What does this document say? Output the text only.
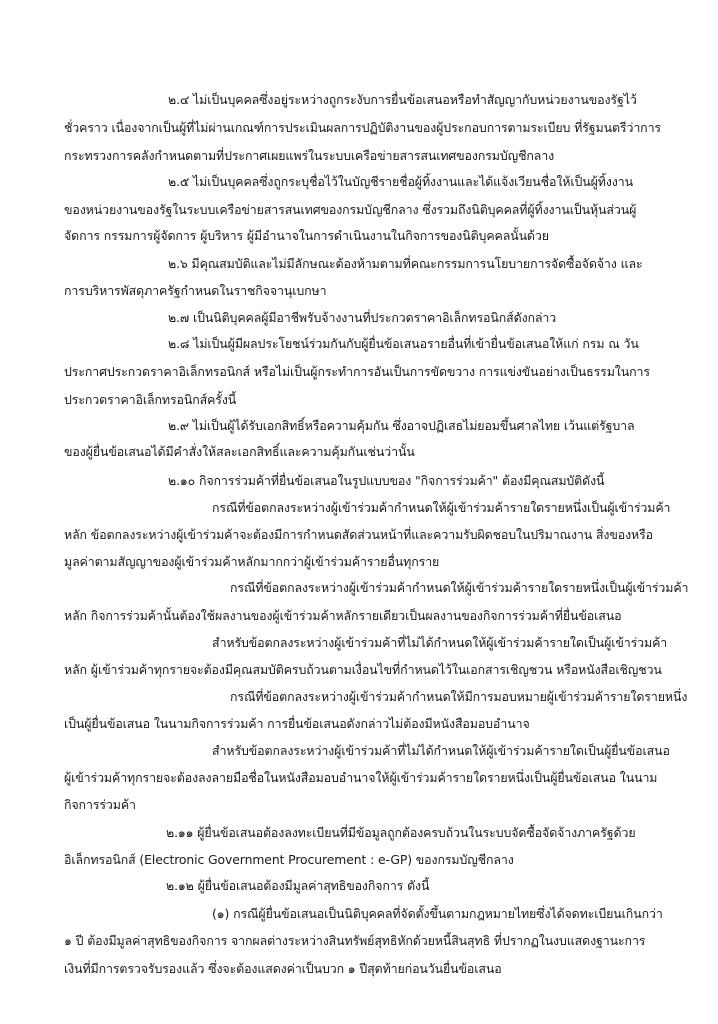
๒.๔ ไม่เป็นบุคคลซึ่งอยู่ระหว่างถูกระงับการยื่นข้อเสนอหรือทำสัญญากับหน่วยงานของรัฐไว้

ชั่วคราว เนื่องจากเป็นผู้ที่ไม่ผ่านเกณฑ์การประเมินผลการปฏิบัติงานของผู้ประกอบการตามระเบียบ ที่รัฐมนตรีว่าการ

กระทรวงการคลังกำหนดตามที่ประกาศเผยแพร่ในระบบเครือข่ายสารสนเทศของกรมบัญชีกลาง

๒.๕ ไม่เป็นบุคคลซึ่งถูกระบุชื่อไว้ในบัญชีรายชื่อผู้ทิ้งงานและได้แจ้งเวียนชื่อให้เป็นผู้ทิ้งงาน

ของหน่วยงานของรัฐในระบบเครือข่ายสารสนเทศของกรมบัญชีกลาง ซึ่งรวมถึงนิติบุคคลที่ผู้ทิ้งงานเป็นหุ้นส่วนผู้

จัดการ กรรมการผู้จัดการ ผู้บริหาร ผู้มีอำนาจในการดำเนินงานในกิจการของนิติบุคคลนั้นด้วย

๒.๖ มีคุณสมบัติและไม่มีลักษณะต้องห้ามตามที่คณะกรรมการนโยบายการจัดซื้อจัดจ้าง และ

การบริหารพัสดุภาครัฐกำหนดในราชกิจจานุเบกษา

๒.๗ เป็นนิติบุคคลผู้มีอาชีพรับจ้างงานที่ประกวดราคาอิเล็กทรอนิกส์ดังกล่าว

๒.๘ ไม่เป็นผู้มีผลประโยชน์ร่วมกันกับผู้ยื่นข้อเสนอรายอื่นที่เข้ายื่นข้อเสนอให้แก่ กรม ณ วัน

ประกาศประกวดราคาอิเล็กทรอนิกส์ หรือไม่เป็นผู้กระทำการอันเป็นการขัดขวาง การแข่งขันอย่างเป็นธรรมในการ

ประกวดราคาอิเล็กทรอนิกส์ครั้งนี้

๒.๙ ไม่เป็นผู้ได้รับเอกสิทธิ์หรือความคุ้มกัน ซึ่งอาจปฏิเสธไม่ยอมขึ้นศาลไทย เว้นแต่รัฐบาล

ของผู้ยื่นข้อเสนอได้มีคำสั่งให้สละเอกสิทธิ์และความคุ้มกันเช่นว่านั้น

๒.๑๐ กิจการร่วมค้าที่ยื่นข้อเสนอในรูปแบบของ "กิจการร่วมค้า" ต้องมีคุณสมบัติดังนี้

กรณีที่ข้อตกลงระหว่างผู้เข้าร่วมค้ากำหนดให้ผู้เข้าร่วมค้ารายใดรายหนึ่งเป็นผู้เข้าร่วมค้า

หลัก ข้อตกลงระหว่างผู้เข้าร่วมค้าจะต้องมีการกำหนดสัดส่วนหน้าที่และความรับผิดชอบในปริมาณงาน สิ่งของหรือ

มูลค่าตามสัญญาของผู้เข้าร่วมค้าหลักมากกว่าผู้เข้าร่วมค้ารายอื่นทุกราย

กรณีที่ข้อตกลงระหว่างผู้เข้าร่วมค้ากำหนดให้ผู้เข้าร่วมค้ารายใดรายหนึ่งเป็นผู้เข้าร่วมค้า

หลัก กิจการร่วมค้านั้นต้องใช้ผลงานของผู้เข้าร่วมค้าหลักรายเดียวเป็นผลงานของกิจการร่วมค้าที่ยื่นข้อเสนอ

สำหรับข้อตกลงระหว่างผู้เข้าร่วมค้าที่ไม่ได้กำหนดให้ผู้เข้าร่วมค้ารายใดเป็นผู้เข้าร่วมค้า

หลัก ผู้เข้าร่วมค้าทุกรายจะต้องมีคุณสมบัติครบถ้วนตามเงื่อนไขที่กำหนดไว้ในเอกสารเชิญชวน หรือหนังสือเชิญชวน

กรณีที่ข้อตกลงระหว่างผู้เข้าร่วมค้ากำหนดให้มีการมอบหมายผู้เข้าร่วมค้ารายใดรายหนึ่ง

เป็นผู้ยื่นข้อเสนอ ในนามกิจการร่วมค้า การยื่นข้อเสนอดังกล่าวไม่ต้องมีหนังสือมอบอำนาจ

สำหรับข้อตกลงระหว่างผู้เข้าร่วมค้าที่ไม่ได้กำหนดให้ผู้เข้าร่วมค้ารายใดเป็นผู้ยื่นข้อเสนอ

ผู้เข้าร่วมค้าทุกรายจะต้องลงลายมือชื่อในหนังสือมอบอำนาจให้ผู้เข้าร่วมค้ารายใดรายหนึ่งเป็นผู้ยื่นข้อเสนอ ในนาม

กิจการร่วมค้า

๒.๑๑ ผู้ยื่นข้อเสนอต้องลงทะเบียนที่มีข้อมูลถูกต้องครบถ้วนในระบบจัดซื้อจัดจ้างภาครัฐด้วย

อิเล็กทรอนิกส์ (Electronic Government Procurement : e-GP) ของกรมบัญชีกลาง

๒.๑๒ ผู้ยื่นข้อเสนอต้องมีมูลค่าสุทธิของกิจการ ดังนี้

(๑) กรณีผู้ยื่นข้อเสนอเป็นนิติบุคคลที่จัดตั้งขึ้นตามกฎหมายไทยซึ่งได้จดทะเบียนเกินกว่า

๑ ปี ต้องมีมูลค่าสุทธิของกิจการ จากผลต่างระหว่างสินทรัพย์สุทธิหักด้วยหนี้สินสุทธิ ที่ปรากฏในงบแสดงฐานะการ

เงินที่มีการตรวจรับรองแล้ว ซึ่งจะต้องแสดงค่าเป็นบวก ๑ ปีสุดท้ายก่อนวันยื่นข้อเสนอ
